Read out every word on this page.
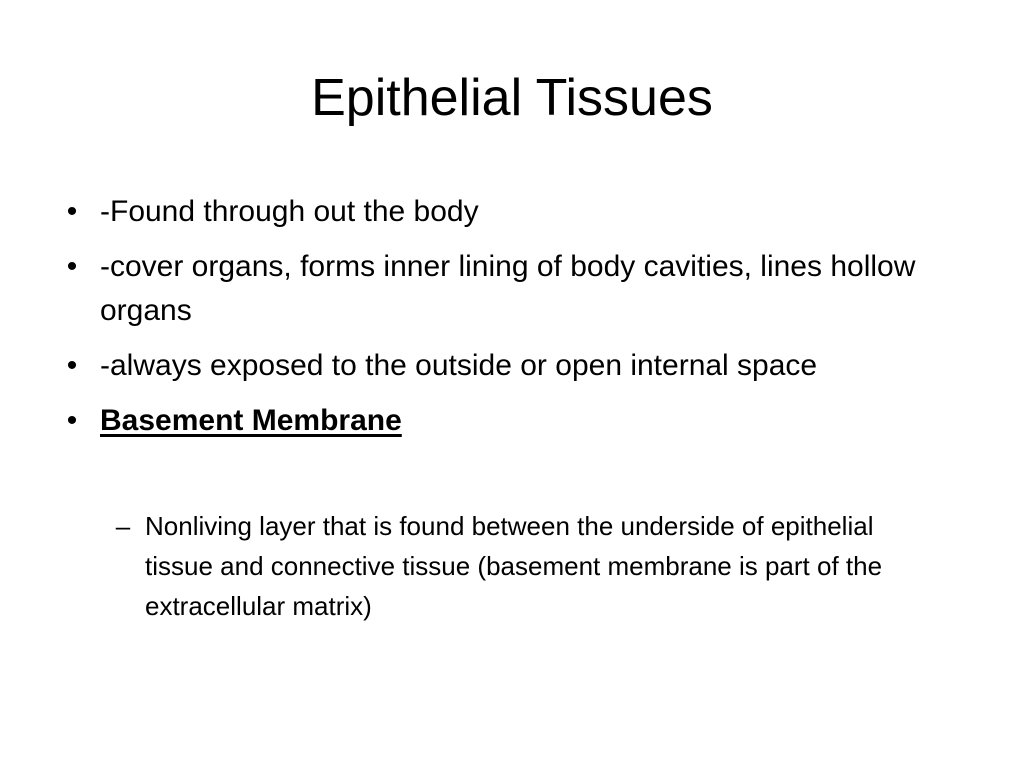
Epithelial Tissues
• -Found through out the body
• -cover organs, forms inner lining of body cavities, lines hollow organs
• -always exposed to the outside or open internal space
• Basement Membrane
– Nonliving layer that is found between the underside of epithelial tissue and connective tissue (basement membrane is part of the extracellular matrix)
